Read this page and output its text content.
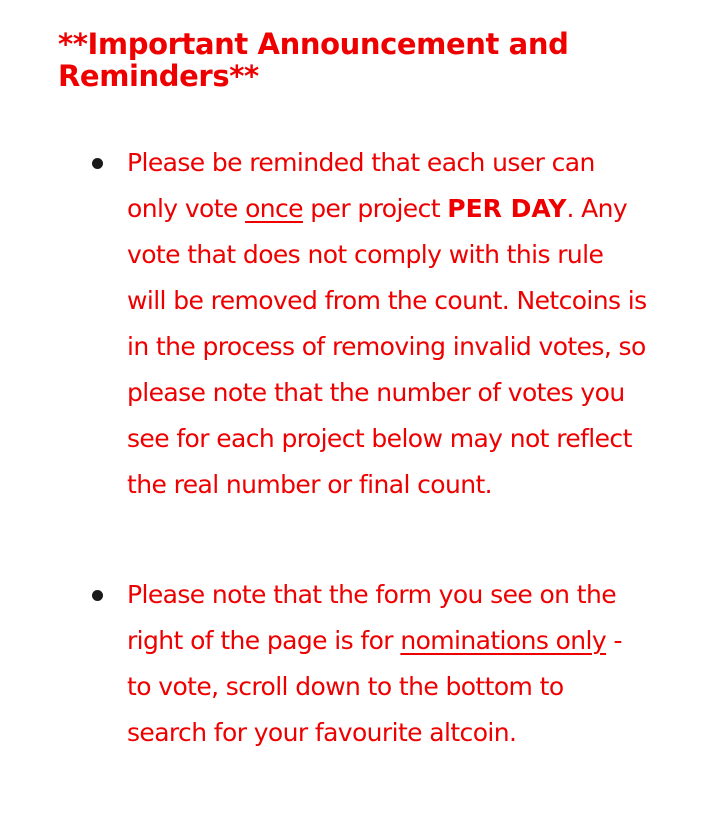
**Important Announcement and Reminders**
Please be reminded that each user can only vote once per project PER DAY. Any vote that does not comply with this rule will be removed from the count. Netcoins is in the process of removing invalid votes, so please note that the number of votes you see for each project below may not reflect the real number or final count.
Please note that the form you see on the right of the page is for nominations only - to vote, scroll down to the bottom to search for your favourite altcoin.
